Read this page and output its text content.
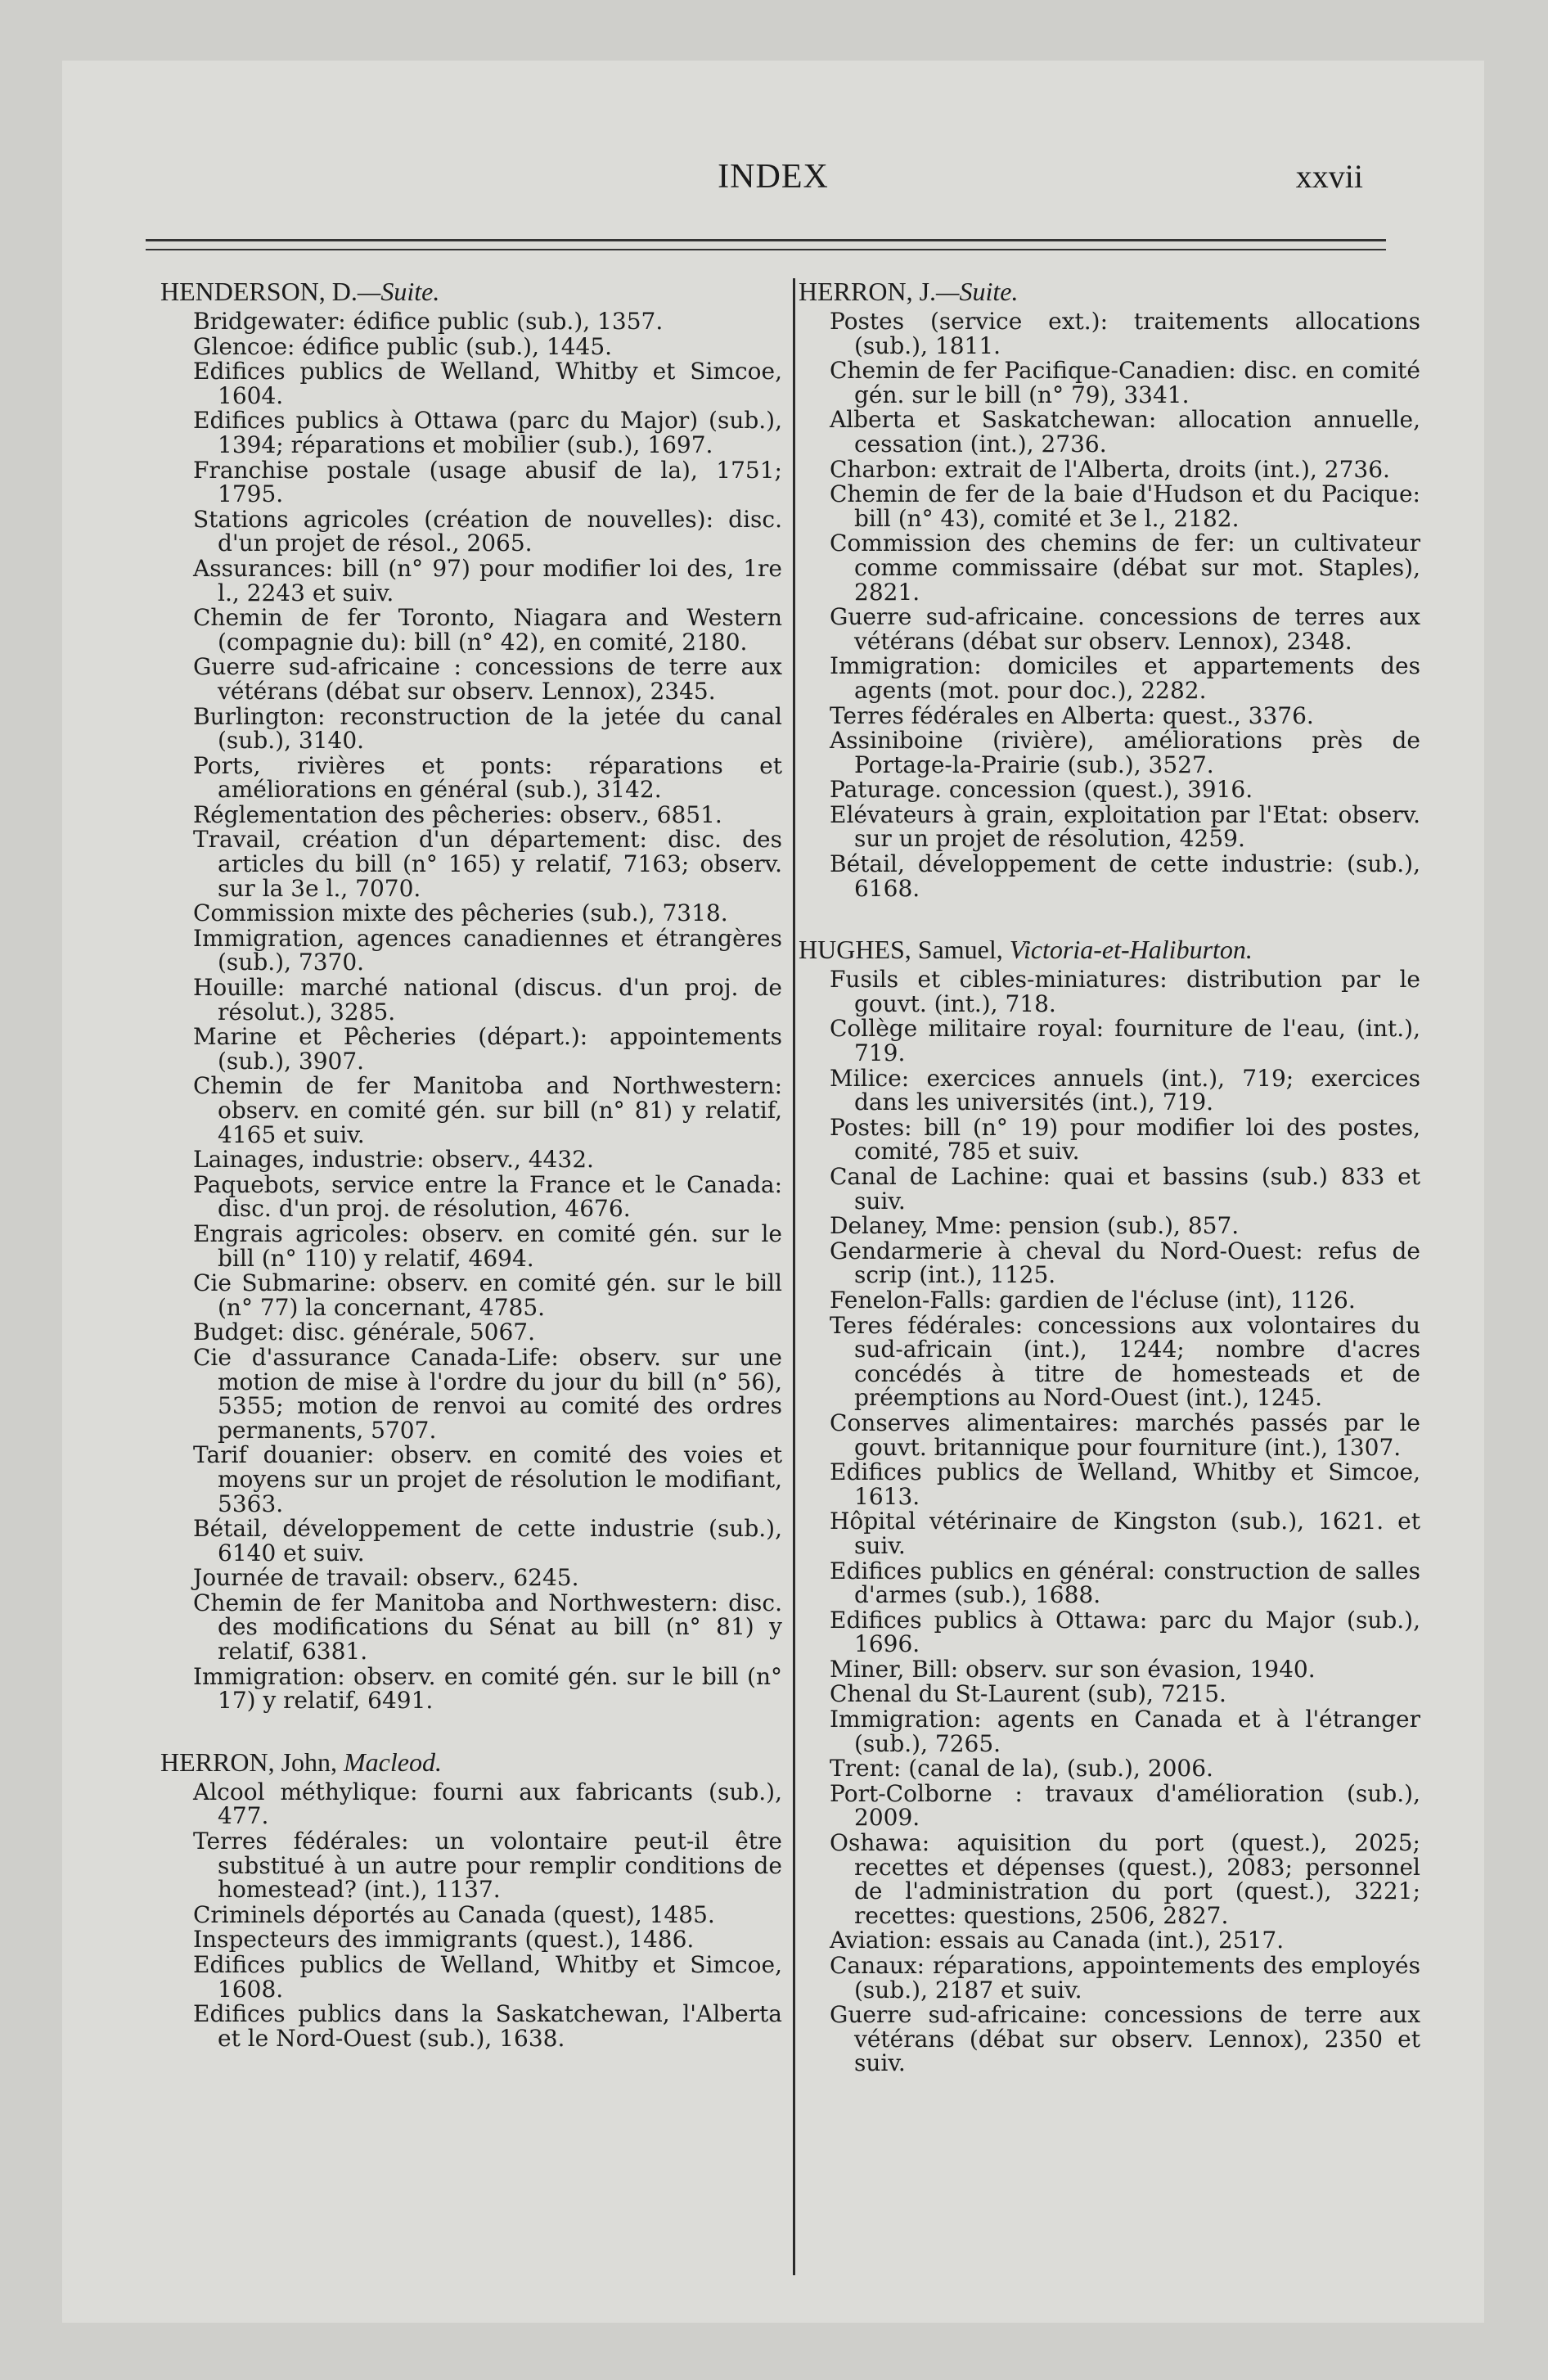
INDEX	xxvii
HENDERSON, D.—Suite.
Bridgewater: édifice public (sub.), 1357.
Glencoe: édifice public (sub.), 1445.
Edifices publics de Welland, Whitby et Simcoe, 1604.
Edifices publics à Ottawa (parc du Major) (sub.), 1394; réparations et mobilier (sub.), 1697.
Franchise postale (usage abusif de la), 1751; 1795.
Stations agricoles (création de nouvelles): disc. d'un projet de résol., 2065.
Assurances: bill (n° 97) pour modifier loi des, 1re l., 2243 et suiv.
Chemin de fer Toronto, Niagara and Western (compagnie du): bill (n° 42), en comité, 2180.
Guerre sud-africaine : concessions de terre aux vétérans (débat sur observ. Lennox), 2345.
Burlington: reconstruction de la jetée du canal (sub.), 3140.
Ports, rivières et ponts: réparations et améliorations en général (sub.), 3142.
Réglementation des pêcheries: observ., 6851.
Travail, création d'un département: disc. des articles du bill (n° 165) y relatif, 7163; observ. sur la 3e l., 7070.
Commission mixte des pêcheries (sub.), 7318.
Immigration, agences canadiennes et étrangères (sub.), 7370.
Houille: marché national (discus. d'un proj. de résolut.), 3285.
Marine et Pêcheries (départ.): appointements (sub.), 3907.
Chemin de fer Manitoba and Northwestern: observ. en comité gén. sur bill (n° 81) y relatif, 4165 et suiv.
Lainages, industrie: observ., 4432.
Paquebots, service entre la France et le Canada: disc. d'un proj. de résolution, 4676.
Engrais agricoles: observ. en comité gén. sur le bill (n° 110) y relatif, 4694.
Cie Submarine: observ. en comité gén. sur le bill (n° 77) la concernant, 4785.
Budget: disc. générale, 5067.
Cie d'assurance Canada-Life: observ. sur une motion de mise à l'ordre du jour du bill (n° 56), 5355; motion de renvoi au comité des ordres permanents, 5707.
Tarif douanier: observ. en comité des voies et moyens sur un projet de résolution le modifiant, 5363.
Bétail, développement de cette industrie (sub.), 6140 et suiv.
Journée de travail: observ., 6245.
Chemin de fer Manitoba and Northwestern: disc. des modifications du Sénat au bill (n° 81) y relatif, 6381.
Immigration: observ. en comité gén. sur le bill (n° 17) y relatif, 6491.
HERRON, John, Macleod.
Alcool méthylique: fourni aux fabricants (sub.), 477.
Terres fédérales: un volontaire peut-il être substitué à un autre pour remplir conditions de homestead? (int.), 1137.
Criminels déportés au Canada (quest), 1485.
Inspecteurs des immigrants (quest.), 1486.
Edifices publics de Welland, Whitby et Simcoe, 1608.
Edifices publics dans la Saskatchewan, l'Alberta et le Nord-Ouest (sub.), 1638.
HERRON, J.—Suite.
Postes (service ext.): traitements allocations (sub.), 1811.
Chemin de fer Pacifique-Canadien: disc. en comité gén. sur le bill (n° 79), 3341.
Alberta et Saskatchewan: allocation annuelle, cessation (int.), 2736.
Charbon: extrait de l'Alberta, droits (int.), 2736.
Chemin de fer de la baie d'Hudson et du Pacique: bill (n° 43), comité et 3e l., 2182.
Commission des chemins de fer: un cultivateur comme commissaire (débat sur mot. Staples), 2821.
Guerre sud-africaine. concessions de terres aux vétérans (débat sur observ. Lennox), 2348.
Immigration: domiciles et appartements des agents (mot. pour doc.), 2282.
Terres fédérales en Alberta: quest., 3376.
Assiniboine (rivière), améliorations près de Portage-la-Prairie (sub.), 3527.
Paturage. concession (quest.), 3916.
Elévateurs à grain, exploitation par l'Etat: observ. sur un projet de résolution, 4259.
Bétail, développement de cette industrie: (sub.), 6168.
HUGHES, Samuel, Victoria-et-Haliburton.
Fusils et cibles-miniatures: distribution par le gouvt. (int.), 718.
Collège militaire royal: fourniture de l'eau, (int.), 719.
Milice: exercices annuels (int.), 719; exercices dans les universités (int.), 719.
Postes: bill (n° 19) pour modifier loi des postes, comité, 785 et suiv.
Canal de Lachine: quai et bassins (sub.) 833 et suiv.
Delaney, Mme: pension (sub.), 857.
Gendarmerie à cheval du Nord-Ouest: refus de scrip (int.), 1125.
Fenelon-Falls: gardien de l'écluse (int), 1126.
Teres fédérales: concessions aux volontaires du sud-africain (int.), 1244; nombre d'acres concédés à titre de homesteads et de préemptions au Nord-Ouest (int.), 1245.
Conserves alimentaires: marchés passés par le gouvt. britannique pour fourniture (int.), 1307.
Edifices publics de Welland, Whitby et Simcoe, 1613.
Hôpital vétérinaire de Kingston (sub.), 1621. et suiv.
Edifices publics en général: construction de salles d'armes (sub.), 1688.
Edifices publics à Ottawa: parc du Major (sub.), 1696.
Miner, Bill: observ. sur son évasion, 1940.
Chenal du St-Laurent (sub), 7215.
Immigration: agents en Canada et à l'étranger (sub.), 7265.
Trent: (canal de la), (sub.), 2006.
Port-Colborne : travaux d'amélioration (sub.), 2009.
Oshawa: aquisition du port (quest.), 2025; recettes et dépenses (quest.), 2083; personnel de l'administration du port (quest.), 3221; recettes: questions, 2506, 2827.
Aviation: essais au Canada (int.), 2517.
Canaux: réparations, appointements des employés (sub.), 2187 et suiv.
Guerre sud-africaine: concessions de terre aux vétérans (débat sur observ. Lennox), 2350 et suiv.
